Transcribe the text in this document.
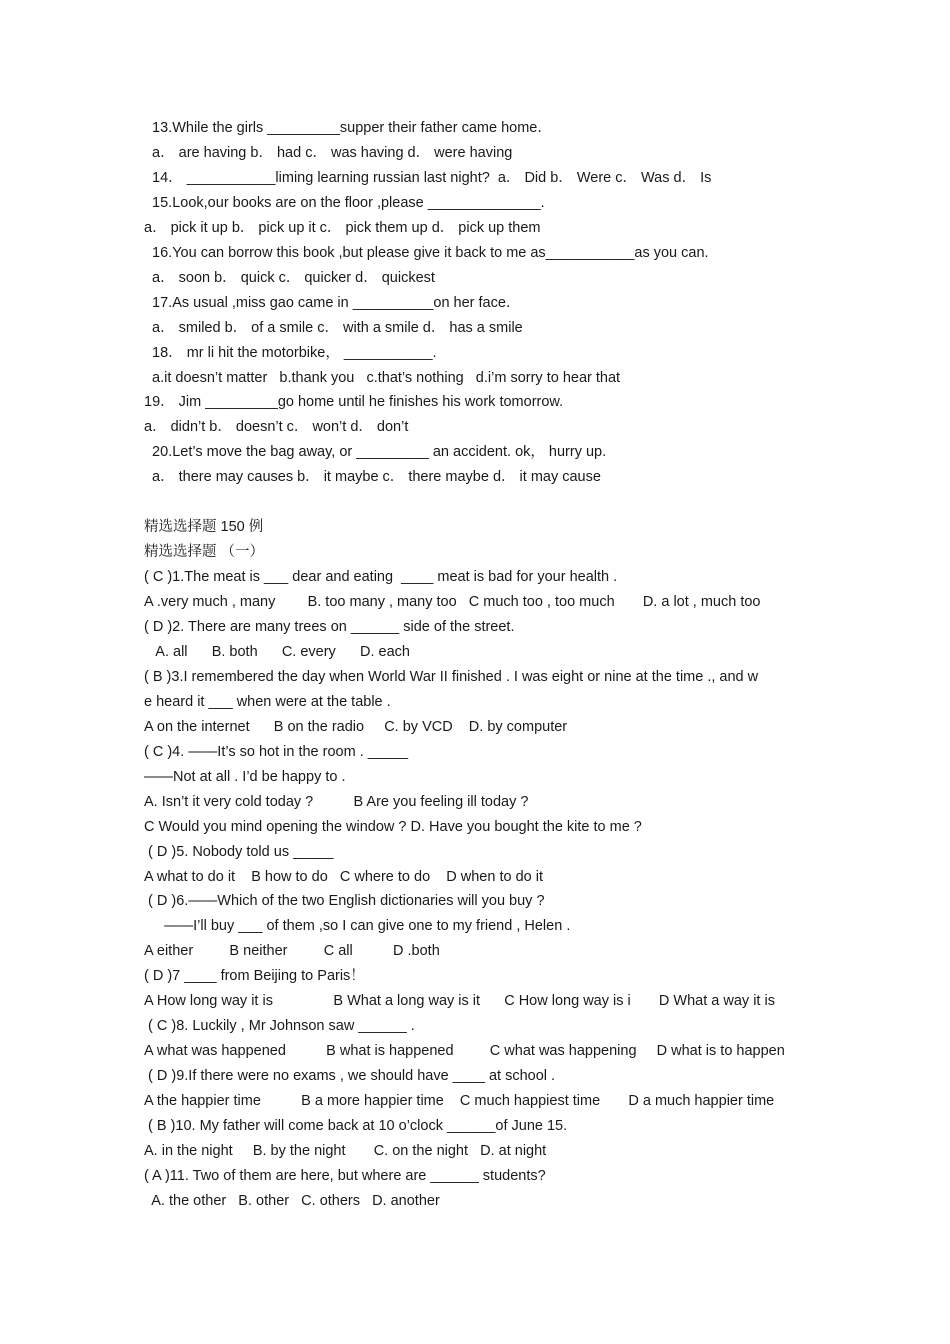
13.While the girls _________supper their father came home．
a． are having b． had c． was having d． were having
14． ___________liming learning russian last night?  a． Did b． Were c． Was d． Is
15.Look,our books are on the floor ,please ______________.
a． pick it up b． pick up it c． pick them up d． pick up them
16.You can borrow this book ,but please give it back to me as___________as you can.
a． soon b． quick c． quicker d． quickest
17.As usual ,miss gao came in __________on her face．
a． smiled b． of a smile c． with a smile d． has a smile
18． mr li hit the motorbike， ___________.
a.it doesn’t matter   b.thank you   c.that’s nothing   d.i’m sorry to hear that
19． Jim _________go home until he finishes his work tomorrow.
a． didn’t b． doesn’t c． won’t d． don’t
20.Let’s move the bag away, or _________ an accident. ok， hurry up.
a． there may causes b． it maybe c． there maybe d． it may cause
精选选择题 150 例
精选选择题 （一）
( C )1.The meat is ___ dear and eating  ____ meat is bad for your health .
A .very much , many        B. too many , many too   C much too , too much       D. a lot , much too
( D )2. There are many trees on ______ side of the street.
A. all      B. both      C. every      D. each
( B )3.I remembered the day when World War II finished . I was eight or nine at the time ., and w
e heard it ___ when were at the table .
A on the internet      B on the radio     C. by VCD    D. by computer
( C )4. ——It’s so hot in the room . _____
——Not at all . I’d be happy to .
A. Isn’t it very cold today ?          B Are you feeling ill today ?
C Would you mind opening the window ? D. Have you bought the kite to me ?
( D )5. Nobody told us _____
A what to do it    B how to do   C where to do    D when to do it
( D )6.——Which of the two English dictionaries will you buy ?
——I’ll buy ___ of them ,so I can give one to my friend , Helen .
A either         B neither         C all          D .both
( D )7 ____ from Beijing to Paris！
A How long way it is               B What a long way is it      C How long way is i       D What a way it is
( C )8. Luckily , Mr Johnson saw ______ .
A what was happened          B what is happened         C what was happening     D what is to happen
( D )9.If there were no exams , we should have ____ at school .
A the happier time          B a more happier time    C much happiest time       D a much happier time
( B )10. My father will come back at 10 o’clock ______of June 15.
A. in the night     B. by the night       C. on the night   D. at night
( A )11. Two of them are here, but where are ______ students?
A. the other   B. other   C. others   D. another
